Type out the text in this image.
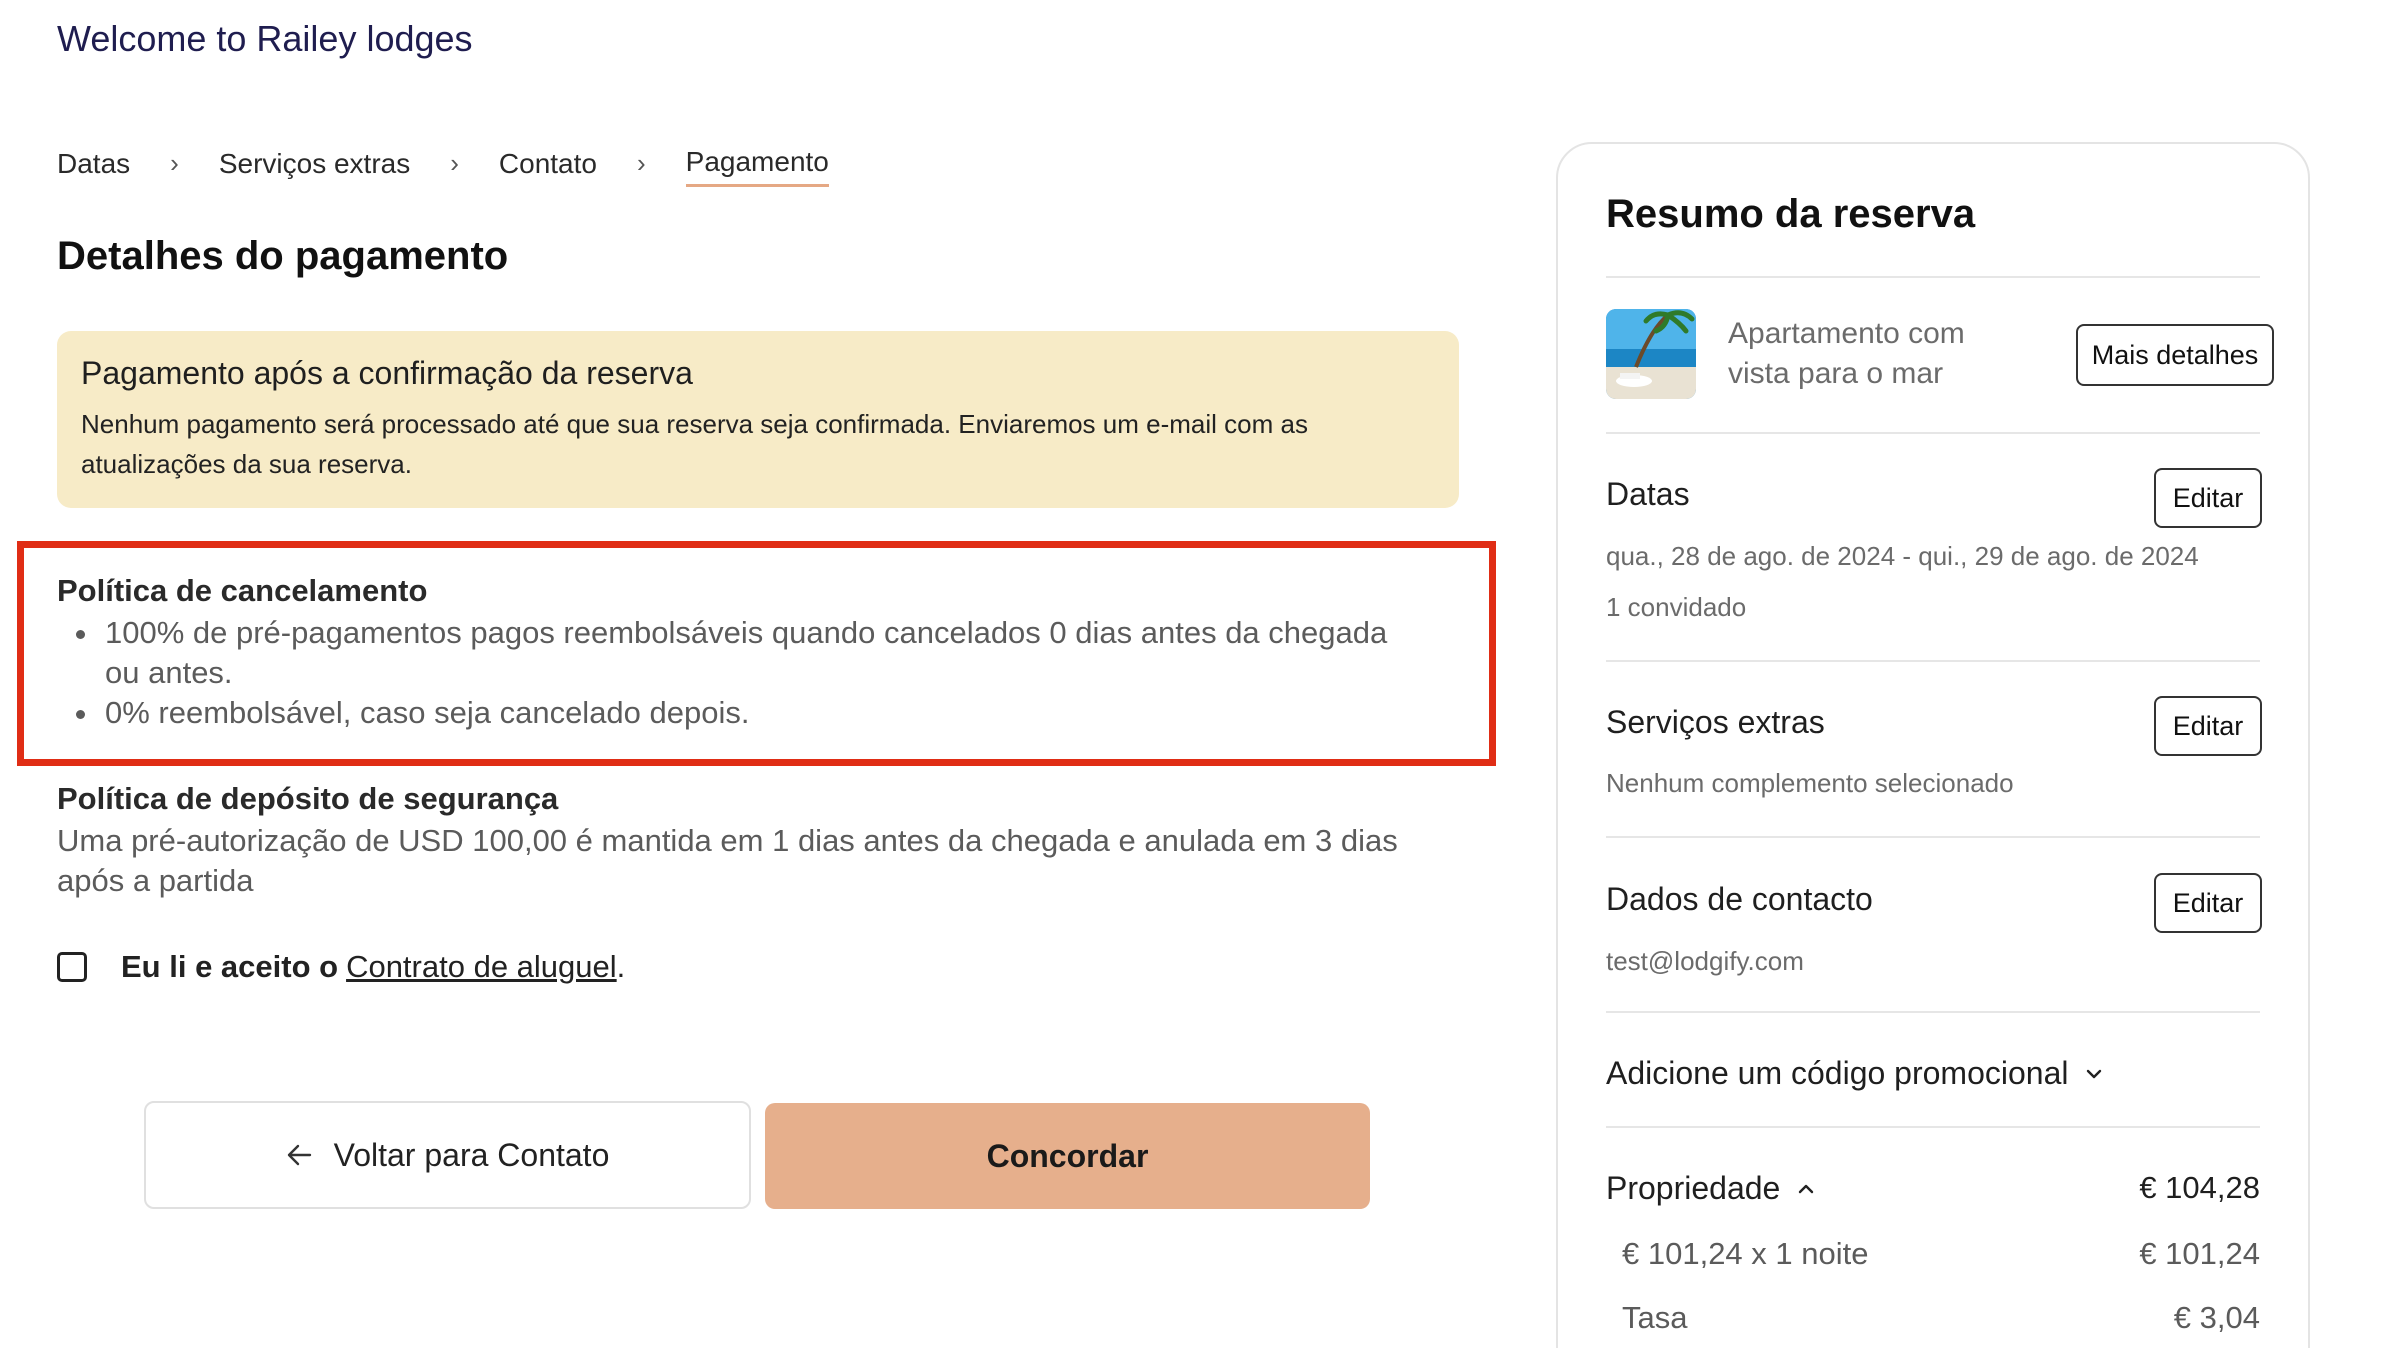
Welcome to Railey lodges
Datas › Serviços extras › Contato › Pagamento
Detalhes do pagamento
Pagamento após a confirmação da reserva
Nenhum pagamento será processado até que sua reserva seja confirmada. Enviaremos um e-mail com as atualizações da sua reserva.
Política de cancelamento
100% de pré-pagamentos pagos reembolsáveis quando cancelados 0 dias antes da chegada ou antes.
0% reembolsável, caso seja cancelado depois.
Política de depósito de segurança
Uma pré-autorização de USD 100,00 é mantida em 1 dias antes da chegada e anulada em 3 dias após a partida
Eu li e aceito o Contrato de aluguel .
Voltar para Contato	Concordar
Resumo da reserva
Apartamento com vista para o mar
Mais detalhes
Datas	Editar
qua., 28 de ago. de 2024 - qui., 29 de ago. de 2024
1 convidado
Serviços extras	Editar
Nenhum complemento selecionado
Dados de contacto	Editar
test@lodgify.com
Adicione um código promocional
Propriedade	€ 104,28
€ 101,24 x 1 noite	€ 101,24
Tasa	€ 3,04
